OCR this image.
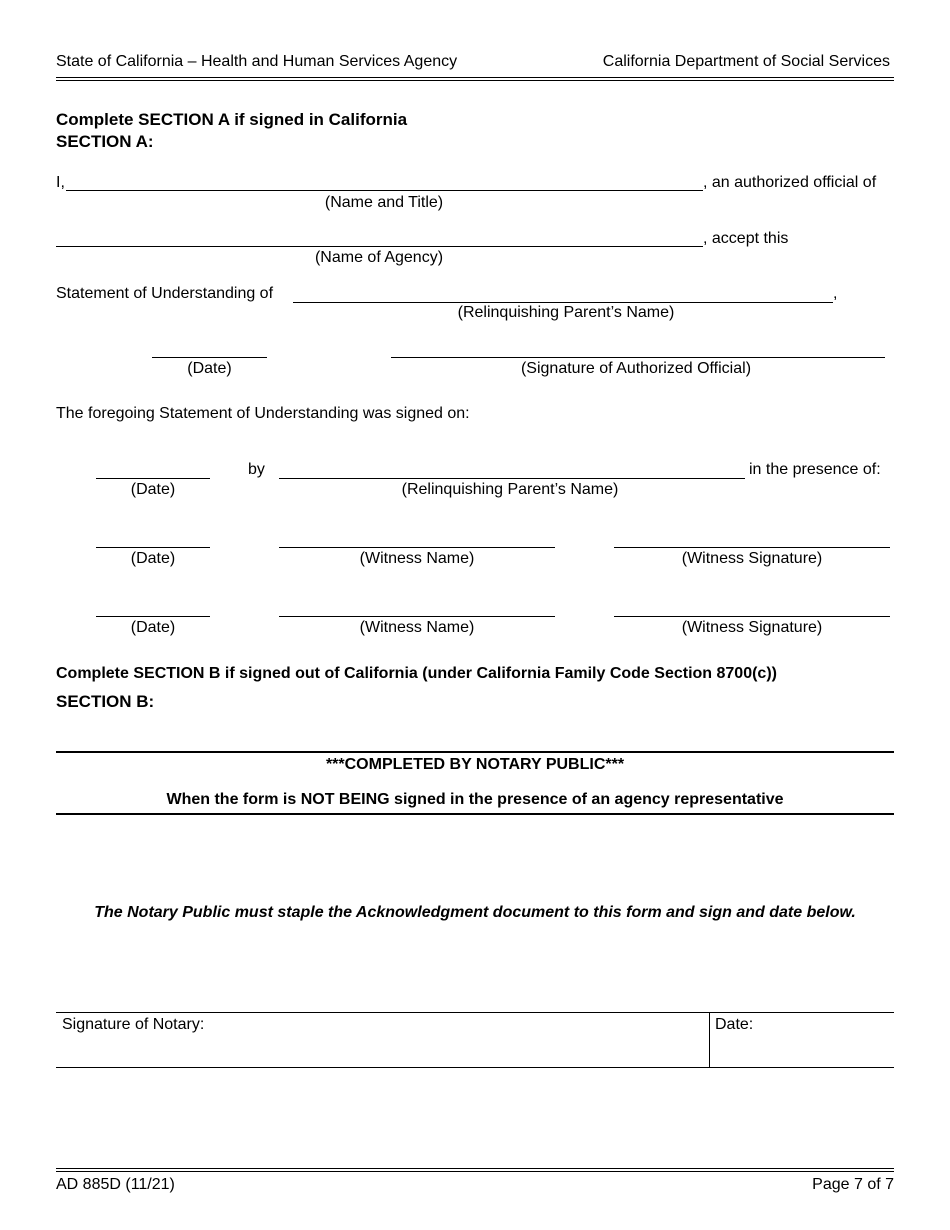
State of California – Health and Human Services Agency	California Department of Social Services
Complete SECTION A if signed in California
SECTION A:
I,	, an authorized official of
(Name and Title)
, accept this
(Name of Agency)
Statement of Understanding of	,
(Relinquishing Parent’s Name)
(Date)	(Signature of Authorized Official)
The foregoing Statement of Understanding was signed on:
(Date)
by
(Relinquishing Parent’s Name)
in the presence of:
(Date)	(Witness Name)	(Witness Signature)
(Date)	(Witness Name)	(Witness Signature)
Complete SECTION B if signed out of California (under California Family Code Section 8700(c))
SECTION B:
***COMPLETED BY NOTARY PUBLIC***
When the form is NOT BEING signed in the presence of an agency representative
The Notary Public must staple the Acknowledgment document to this form and sign and date below.
Signature of Notary:	Date:
AD 885D (11/21)	Page 7 of 7
